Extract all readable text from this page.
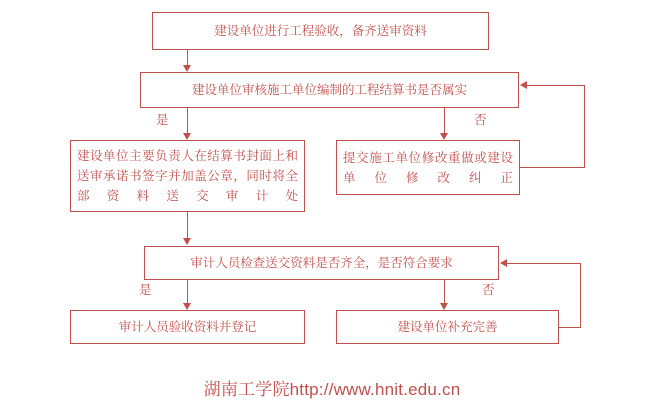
建设单位进行工程验收，备齐送审资料
建设单位审核施工单位编制的工程结算书是否属实
是	否
建设单位主要负责人在结算书封面上和送审承诺书签字并加盖公章，同时将全部资料送交审计处
提交施工单位修改重做或建设单位修改纠正
审计人员检查送交资料是否齐全，是否符合要求
是	否
审计人员验收资料并登记	建设单位补充完善
湖南工学院http://www.hnit.edu.cn
